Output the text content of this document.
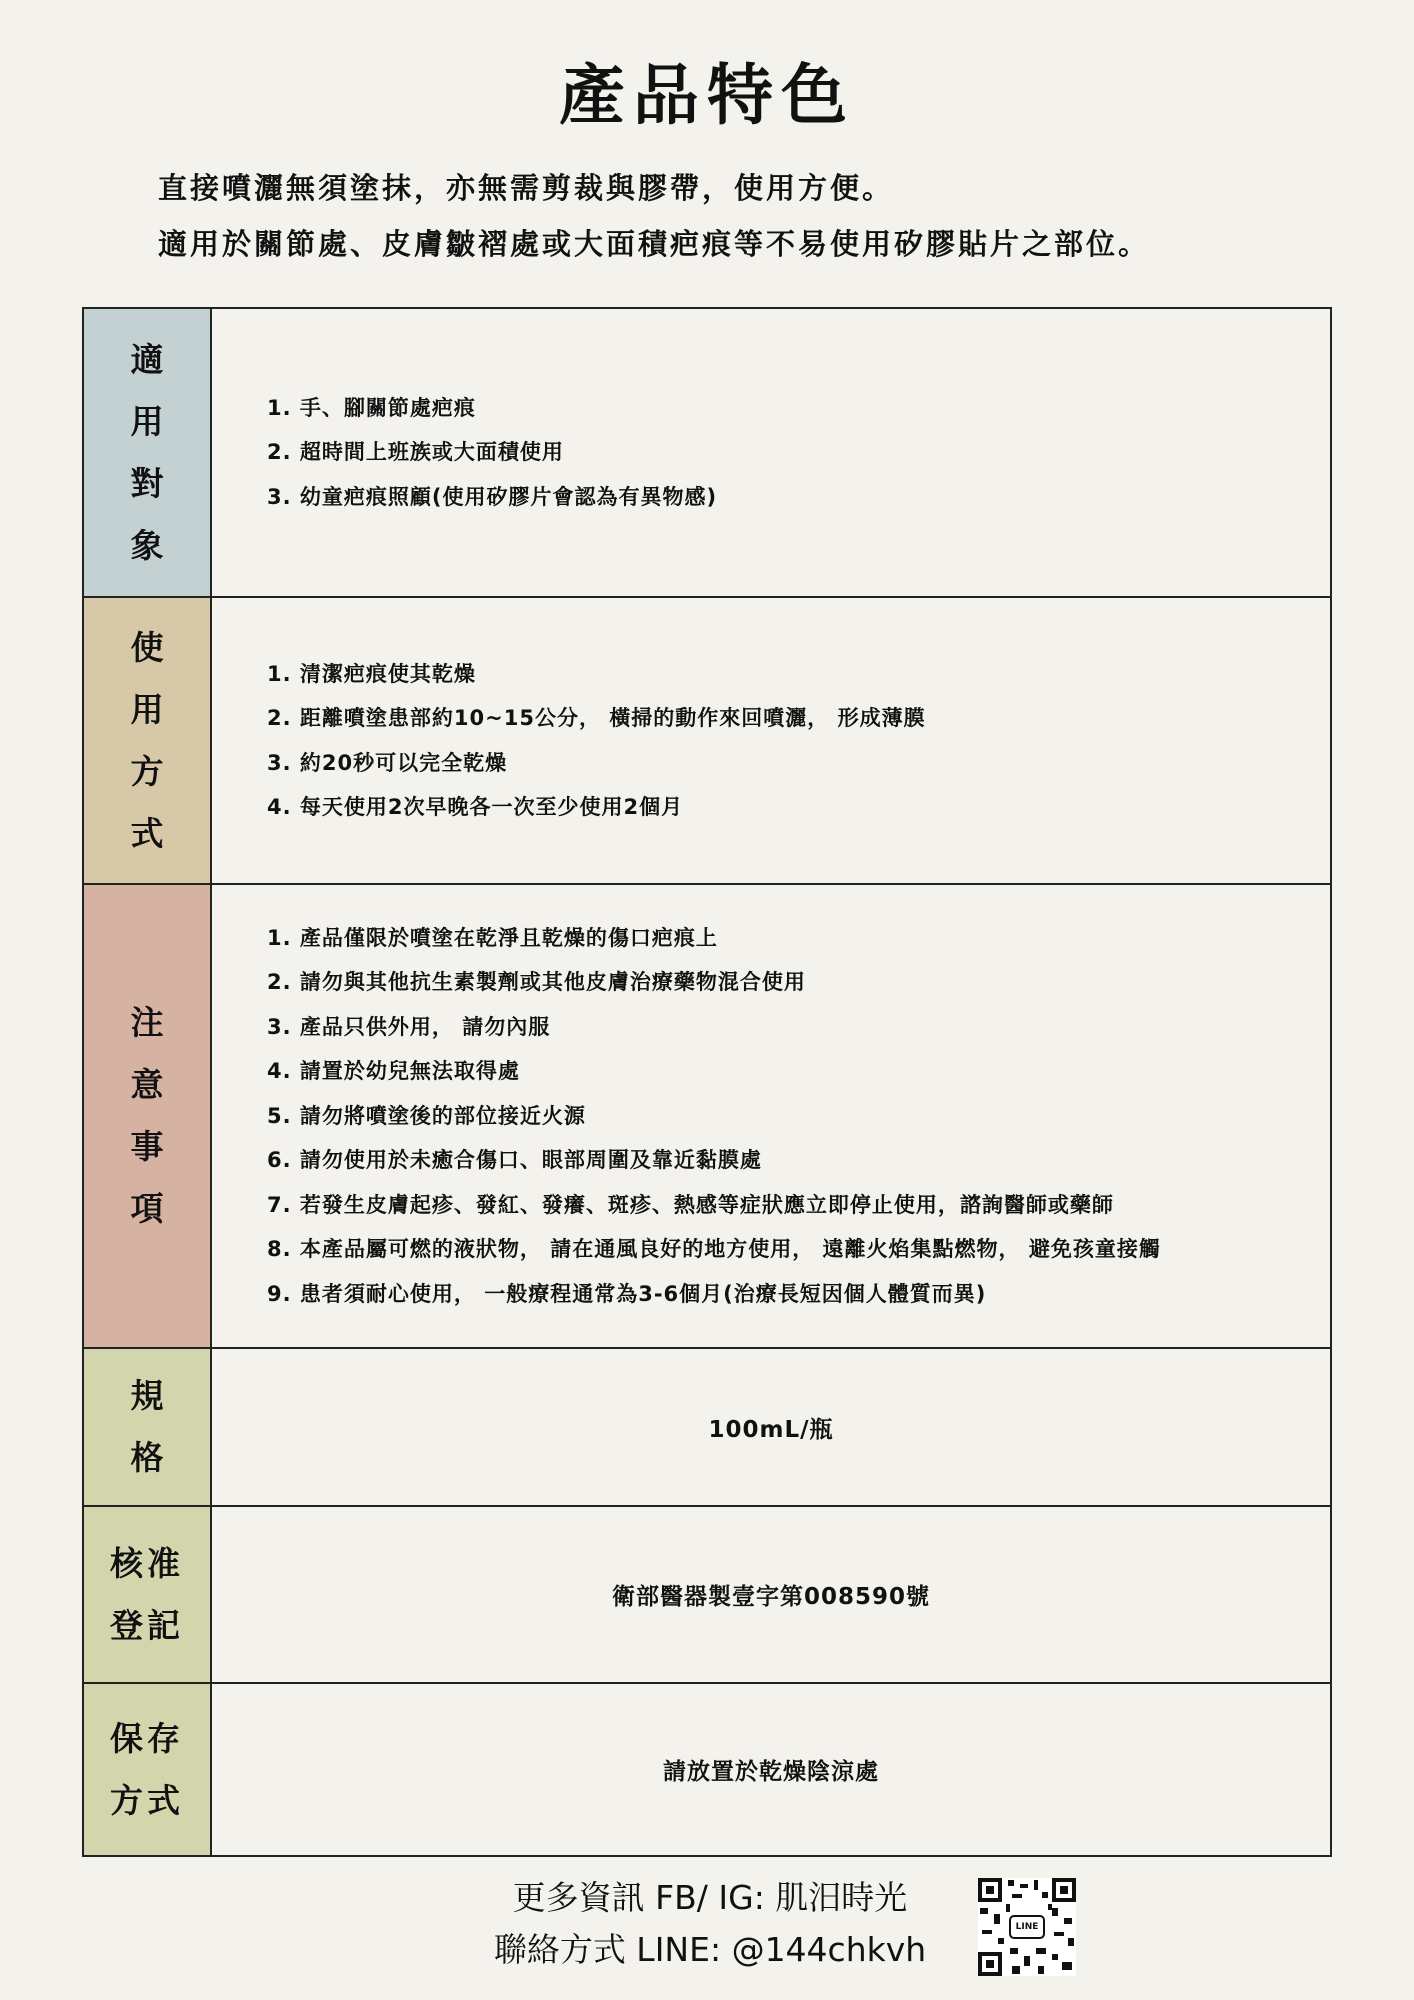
產品特色
直接噴灑無須塗抹，亦無需剪裁與膠帶，使用方便。
適用於關節處、皮膚皺褶處或大面積疤痕等不易使用矽膠貼片之部位。
適用對象
1. 手、腳關節處疤痕
2. 超時間上班族或大面積使用
3. 幼童疤痕照顧(使用矽膠片會認為有異物感)
使用方式
1. 清潔疤痕使其乾燥
2. 距離噴塗患部約10~15公分， 橫掃的動作來回噴灑， 形成薄膜
3. 約20秒可以完全乾燥
4. 每天使用2次早晚各一次至少使用2個月
注意事項
1. 產品僅限於噴塗在乾淨且乾燥的傷口疤痕上
2. 請勿與其他抗生素製劑或其他皮膚治療藥物混合使用
3. 產品只供外用， 請勿內服
4. 請置於幼兒無法取得處
5. 請勿將噴塗後的部位接近火源
6. 請勿使用於未癒合傷口、眼部周圍及靠近黏膜處
7. 若發生皮膚起疹、發紅、發癢、斑疹、熱感等症狀應立即停止使用，諮詢醫師或藥師
8. 本產品屬可燃的液狀物， 請在通風良好的地方使用， 遠離火焰集點燃物， 避免孩童接觸
9. 患者須耐心使用， 一般療程通常為3-6個月(治療長短因個人體質而異)
規格
100mL/瓶
核准登記
衛部醫器製壹字第008590號
保存方式
請放置於乾燥陰涼處
更多資訊 FB/ IG: 肌汨時光
聯絡方式 LINE: @144chkvh
LINE
